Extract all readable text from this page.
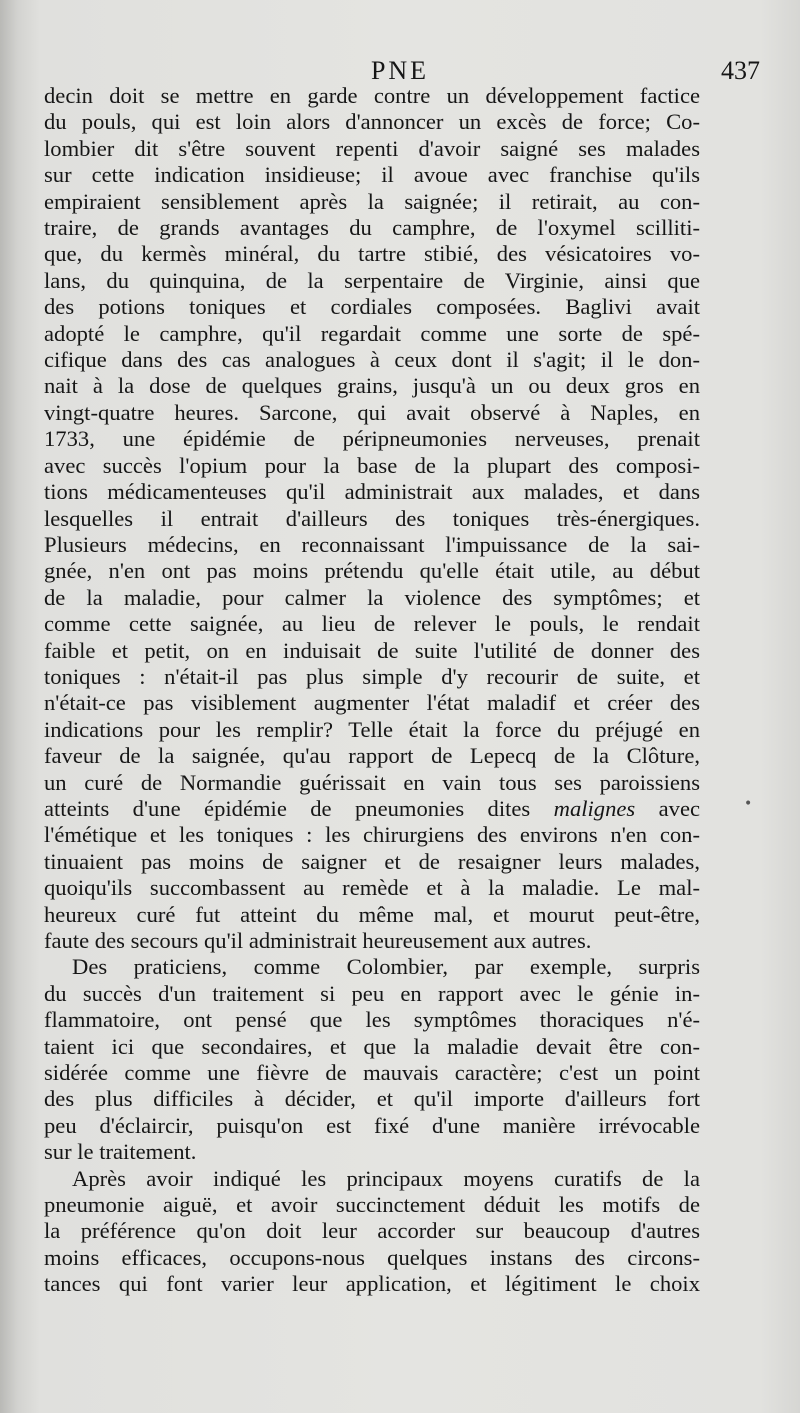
PNE	437
decin doit se mettre en garde contre un développement factice
du pouls, qui est loin alors d'annoncer un excès de force; Co-
lombier dit s'être souvent repenti d'avoir saigné ses malades
sur cette indication insidieuse; il avoue avec franchise qu'ils
empiraient sensiblement après la saignée; il retirait, au con-
traire, de grands avantages du camphre, de l'oxymel scilliti-
que, du kermès minéral, du tartre stibié, des vésicatoires vo-
lans, du quinquina, de la serpentaire de Virginie, ainsi que
des potions toniques et cordiales composées. Baglivi avait
adopté le camphre, qu'il regardait comme une sorte de spé-
cifique dans des cas analogues à ceux dont il s'agit; il le don-
nait à la dose de quelques grains, jusqu'à un ou deux gros en
vingt-quatre heures. Sarcone, qui avait observé à Naples, en
1733, une épidémie de péripneumonies nerveuses, prenait
avec succès l'opium pour la base de la plupart des composi-
tions médicamenteuses qu'il administrait aux malades, et dans
lesquelles il entrait d'ailleurs des toniques très-énergiques.
Plusieurs médecins, en reconnaissant l'impuissance de la sai-
gnée, n'en ont pas moins prétendu qu'elle était utile, au début
de la maladie, pour calmer la violence des symptômes; et
comme cette saignée, au lieu de relever le pouls, le rendait
faible et petit, on en induisait de suite l'utilité de donner des
toniques : n'était-il pas plus simple d'y recourir de suite, et
n'était-ce pas visiblement augmenter l'état maladif et créer des
indications pour les remplir? Telle était la force du préjugé en
faveur de la saignée, qu'au rapport de Lepecq de la Clôture,
un curé de Normandie guérissait en vain tous ses paroissiens
atteints d'une épidémie de pneumonies dites malignes avec
l'émétique et les toniques : les chirurgiens des environs n'en con-
tinuaient pas moins de saigner et de resaigner leurs malades,
quoiqu'ils succombassent au remède et à la maladie. Le mal-
heureux curé fut atteint du même mal, et mourut peut-être,
faute des secours qu'il administrait heureusement aux autres.
Des praticiens, comme Colombier, par exemple, surpris
du succès d'un traitement si peu en rapport avec le génie in-
flammatoire, ont pensé que les symptômes thoraciques n'é-
taient ici que secondaires, et que la maladie devait être con-
sidérée comme une fièvre de mauvais caractère; c'est un point
des plus difficiles à décider, et qu'il importe d'ailleurs fort
peu d'éclaircir, puisqu'on est fixé d'une manière irrévocable
sur le traitement.
Après avoir indiqué les principaux moyens curatifs de la
pneumonie aiguë, et avoir succinctement déduit les motifs de
la préférence qu'on doit leur accorder sur beaucoup d'autres
moins efficaces, occupons-nous quelques instans des circons-
tances qui font varier leur application, et légitiment le choix
•
